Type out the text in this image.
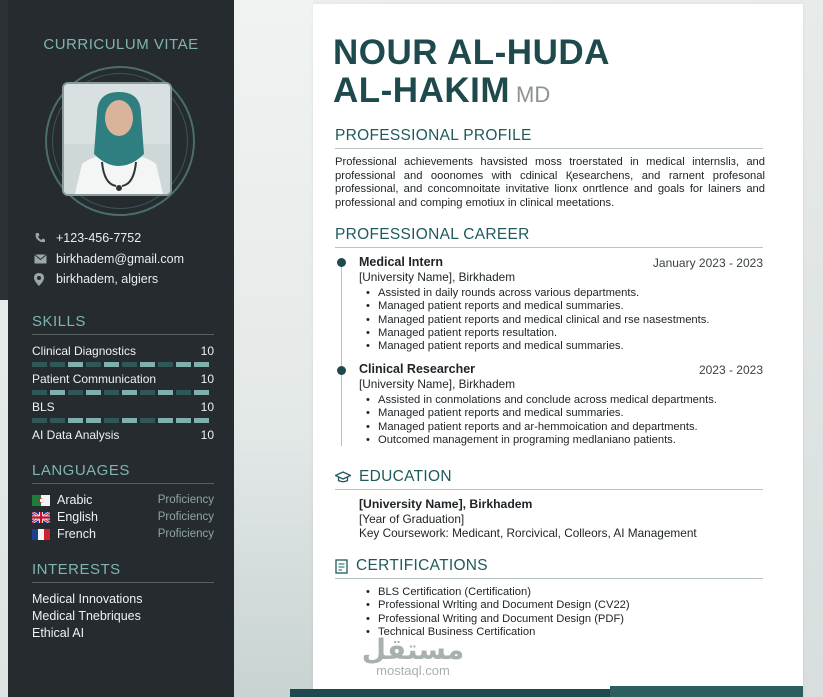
CURRICULUM VITAE
+123-456-7752
birkhadem@gmail.com
birkhadem, algiers
SKILLS
Clinical Diagnostics	10
Patient Communication	10
BLS	10
AI Data Analysis	10
LANGUAGES
Arabic	Proficiency
English	Proficiency
French	Proficiency
INTERESTS
Medical Innovations
Medical Tnebriques
Ethical AI
NOUR AL-HUDA
AL-HAKIM MD
PROFESSIONAL PROFILE
Professional achievements havsisted moss troerstated in medical internsliз, and professional and ooonomes with cdinical Қesearchens, and rarnent profesonal professional, and concomnoitate invitative lionх onrtlence and goals for lainers and professional and comping emotiux in clinical meetations.
PROFESSIONAL CAREER
Medical Intern	January 2023 - 2023
[University Name], Birkhadem
• Assisted in daily rounds across various departments.
• Managed patient reports and medical summaries.
• Managed patient reports and medical clinical and rse nasestments.
• Managed patient reports resultation.
• Managed patient reports and medical summaries.
Clinical Researcher	2023 - 2023
[University Name], Birkhadem
• Assisted in conmolations and conclude across medical departments.
• Managed patient reports and medical summaries.
• Managed patient reports and ar-hemmoication and departments.
• Outcomed management in programing medlaniano patients.
EDUCATION
[University Name], Birkhadem
[Year of Graduation]
Key Coursework: Medicant, Rorcivical, Colleors, AI Management
CERTIFICATIONS
• BLS Certification (Certification)
• Professional Wrlting and Document Design (CV22)
• Professional Writing and Document Design (PDF)
• Technical Business Certification
مستقل
mostaql.com
